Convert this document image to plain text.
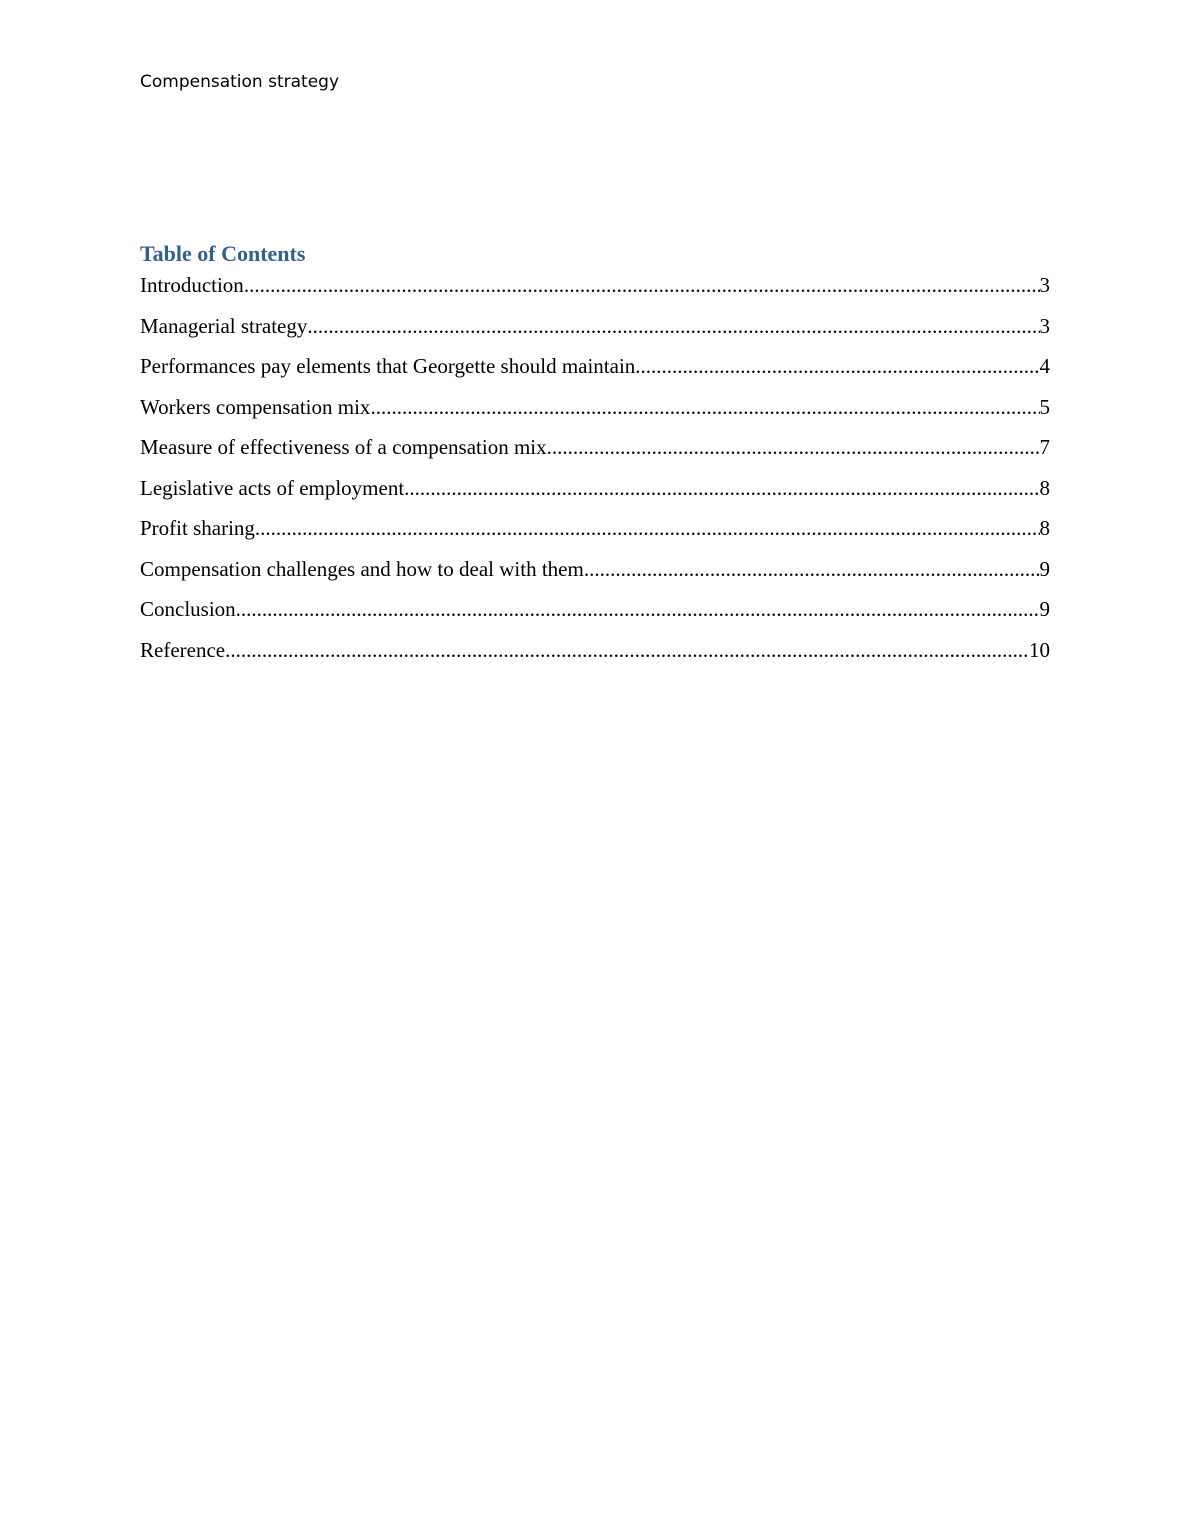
Compensation strategy
Table of Contents
Introduction .....	3
Managerial strategy .....	3
Performances pay elements that Georgette should maintain .....	4
Workers compensation mix .....	5
Measure of effectiveness of a compensation mix .....	7
Legislative acts of employment .....	8
Profit sharing .....	8
Compensation challenges and how to deal with them .....	9
Conclusion .....	9
Reference .....	10
